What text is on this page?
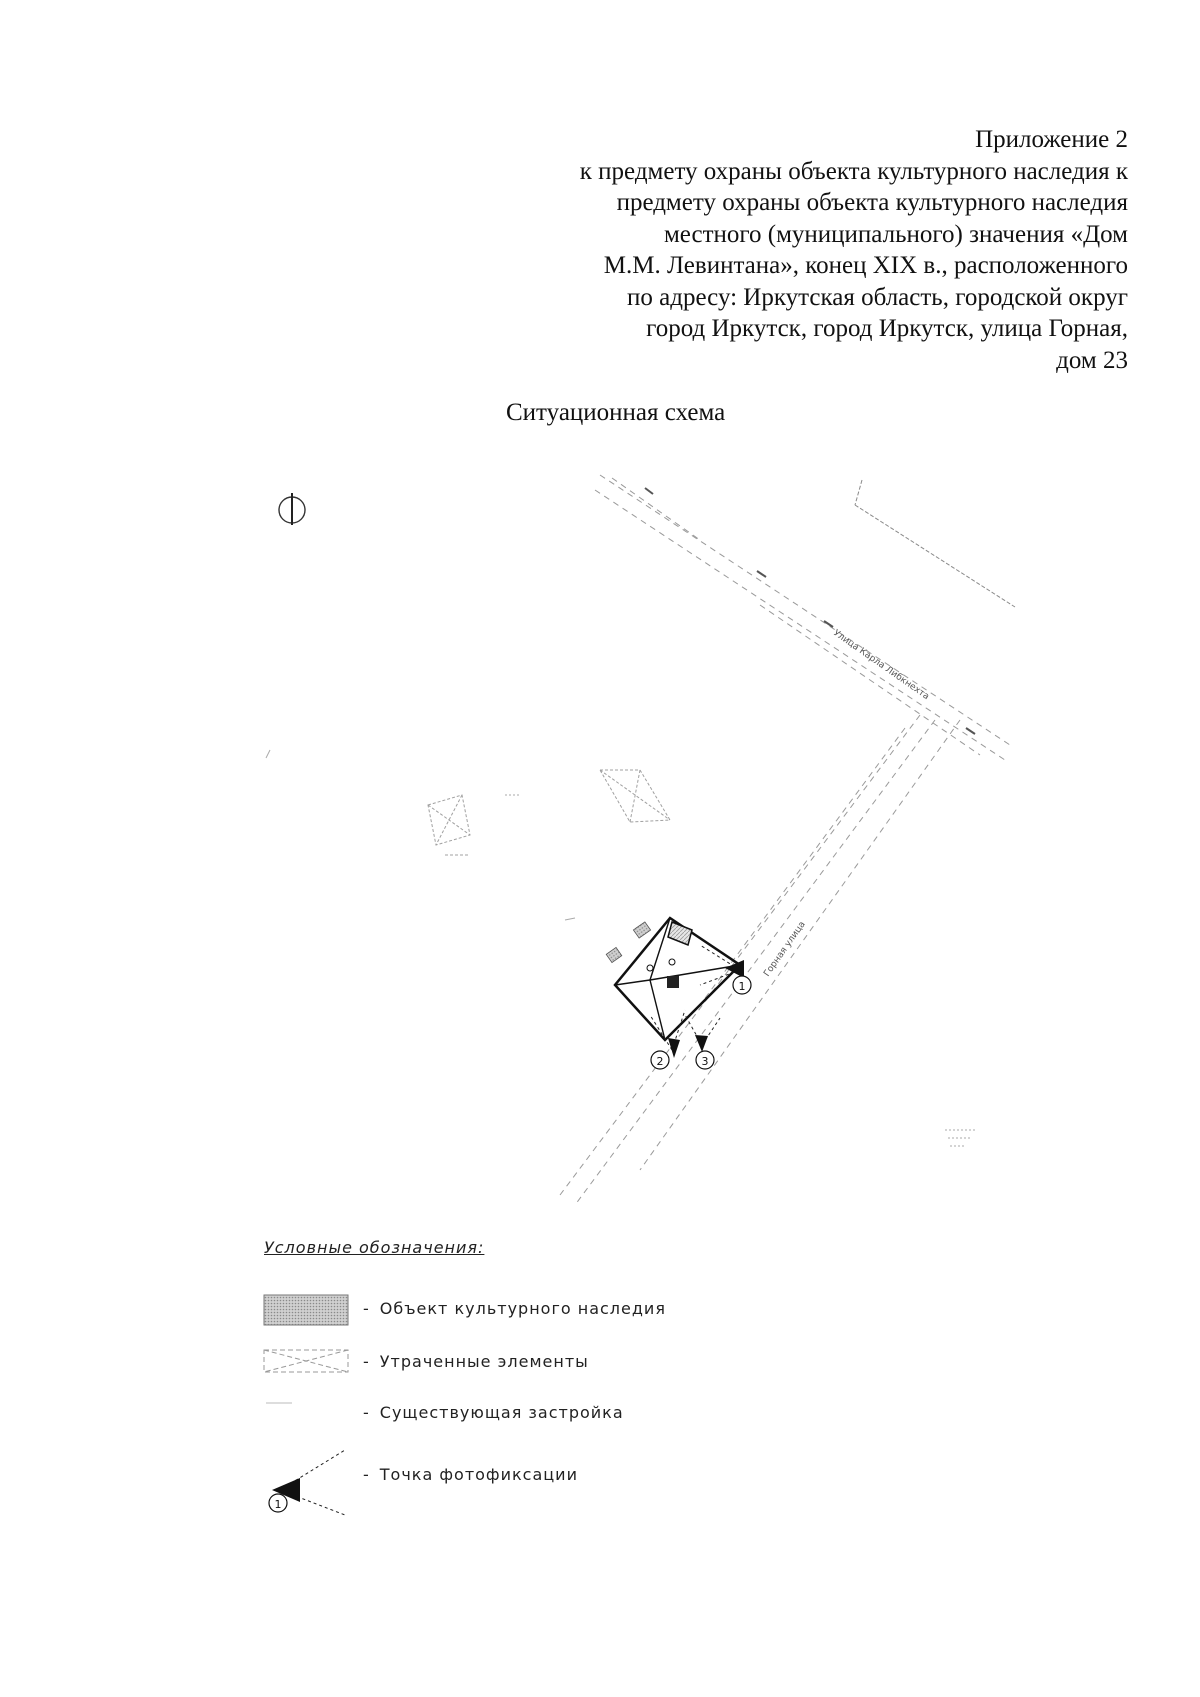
Приложение 2
к предмету охраны объекта культурного наследия к
предмету охраны объекта культурного наследия
местного (муниципального) значения «Дом
М.М. Левинтана», конец XIX в., расположенного
по адресу: Иркутская область, городской округ
город Иркутск, город Иркутск, улица Горная,
дом 23
Ситуационная схема
Улица Карла Либкнехта
Горная улица
1
2	3
1
Условные обозначения:
- Объект культурного наследия
- Утраченные элементы
- Существующая застройка
- Точка фотофиксации
